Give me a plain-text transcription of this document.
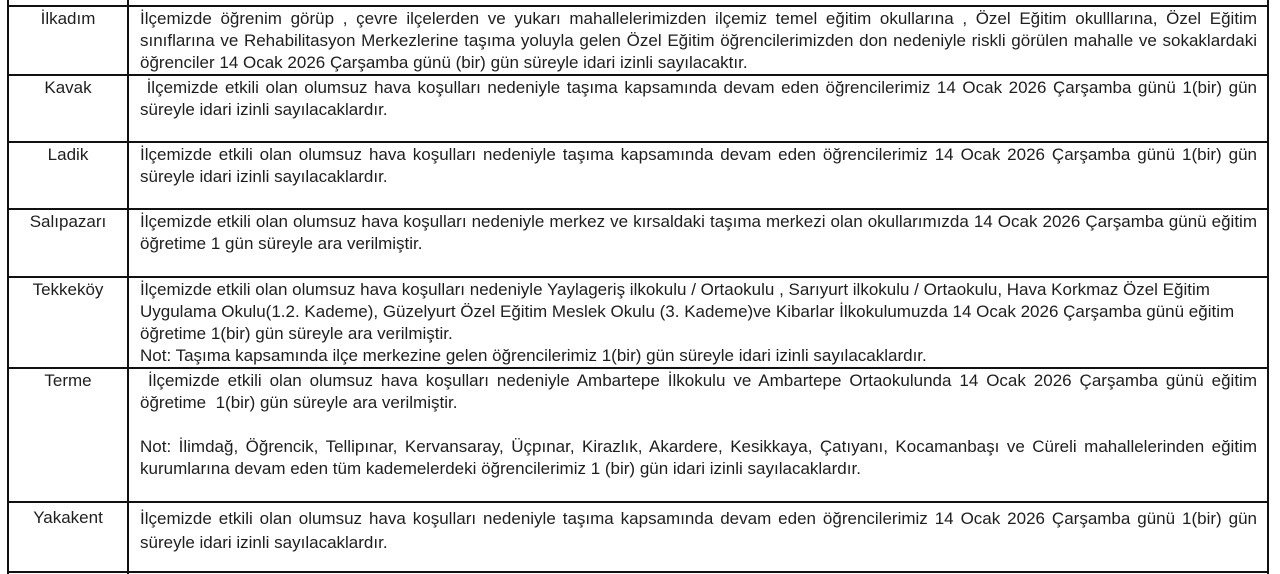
İlkadım	İlçemizde öğrenim görüp , çevre ilçelerden ve yukarı mahallelerimizden ilçemiz temel eğitim okullarına , Özel Eğitim okulllarına, Özel Eğitim sınıflarına ve Rehabilitasyon Merkezlerine taşıma yoluyla gelen Özel Eğitim öğrencilerimizden don nedeniyle riskli görülen mahalle ve sokaklardaki öğrenciler 14 Ocak 2026 Çarşamba günü (bir) gün süreyle idari izinli sayılacaktır.

Kavak	İlçemizde etkili olan olumsuz hava koşulları nedeniyle taşıma kapsamında devam eden öğrencilerimiz 14 Ocak 2026 Çarşamba günü 1(bir) gün süreyle idari izinli sayılacaklardır.

Ladik	İlçemizde etkili olan olumsuz hava koşulları nedeniyle taşıma kapsamında devam eden öğrencilerimiz 14 Ocak 2026 Çarşamba günü 1(bir) gün süreyle idari izinli sayılacaklardır.

Salıpazarı	İlçemizde etkili olan olumsuz hava koşulları nedeniyle merkez ve kırsaldaki taşıma merkezi olan okullarımızda 14 Ocak 2026 Çarşamba günü eğitim öğretime 1 gün süreyle ara verilmiştir.

Tekkeköy	İlçemizde etkili olan olumsuz hava koşulları nedeniyle Yaylageriş ilkokulu / Ortaokulu , Sarıyurt ilkokulu / Ortaokulu, Hava Korkmaz Özel Eğitim Uygulama Okulu(1.2. Kademe), Güzelyurt Özel Eğitim Meslek Okulu (3. Kademe)ve Kibarlar İlkokulumuzda 14 Ocak 2026 Çarşamba günü eğitim öğretime 1(bir) gün süreyle ara verilmiştir.

Not: Taşıma kapsamında ilçe merkezine gelen öğrencilerimiz 1(bir) gün süreyle idari izinli sayılacaklardır.

Terme	İlçemizde etkili olan olumsuz hava koşulları nedeniyle Ambartepe İlkokulu ve Ambartepe Ortaokulunda 14 Ocak 2026 Çarşamba günü eğitim öğretime  1(bir) gün süreyle ara verilmiştir.

Not: İlimdağ, Öğrencik, Tellipınar, Kervansaray, Üçpınar, Kirazlık, Akardere, Kesikkaya, Çatıyanı, Kocamanbaşı ve Cüreli mahallelerinden eğitim kurumlarına devam eden tüm kademelerdeki öğrencilerimiz 1 (bir) gün idari izinli sayılacaklardır.

Yakakent	İlçemizde etkili olan olumsuz hava koşulları nedeniyle taşıma kapsamında devam eden öğrencilerimiz 14 Ocak 2026 Çarşamba günü 1(bir) gün süreyle idari izinli sayılacaklardır.
